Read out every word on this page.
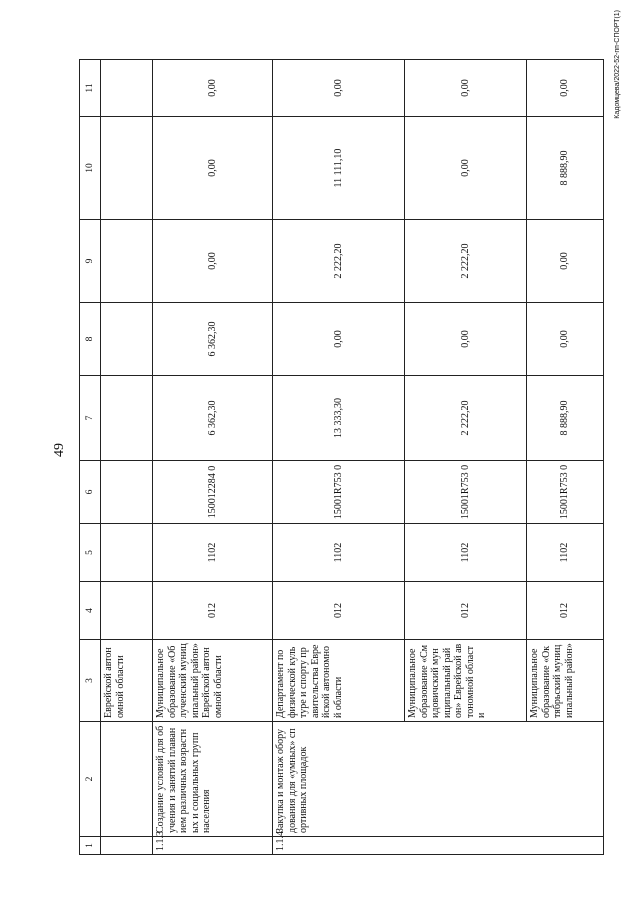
49
Кадомцева/2022-52-пп-СПОРТ(1)
1	2	3	4	5	6	7	8	9	10	11
		Еврейской автономной области								
1.1.3	Создание условий для обучения и занятий плаванием различных возрастных и социальных групп населения	Муниципальное образование «Облученский муниципальный район» Еврейской автономной области	012	1102	150012284 0	6 362,30	6 362,30	0,00	0,00	0,00
1.1.4	Закупка и монтаж оборудования для «умных» спортивных площадок	Департамент по физической культуре и спорту правительства Еврейской автономной области	012	1102	15001R753 0	13 333,30	0,00	2 222,20	11 111,10	0,00
		Муниципальное образование «Смидовичский муниципальный район» Еврейской автономной области	012	1102	15001R753 0	2 222,20	0,00	2 222,20	0,00	0,00
		Муниципальное образование «Октябрьский муниципальный район»	012	1102	15001R753 0	8 888,90	0,00	0,00	8 888,90	0,00
